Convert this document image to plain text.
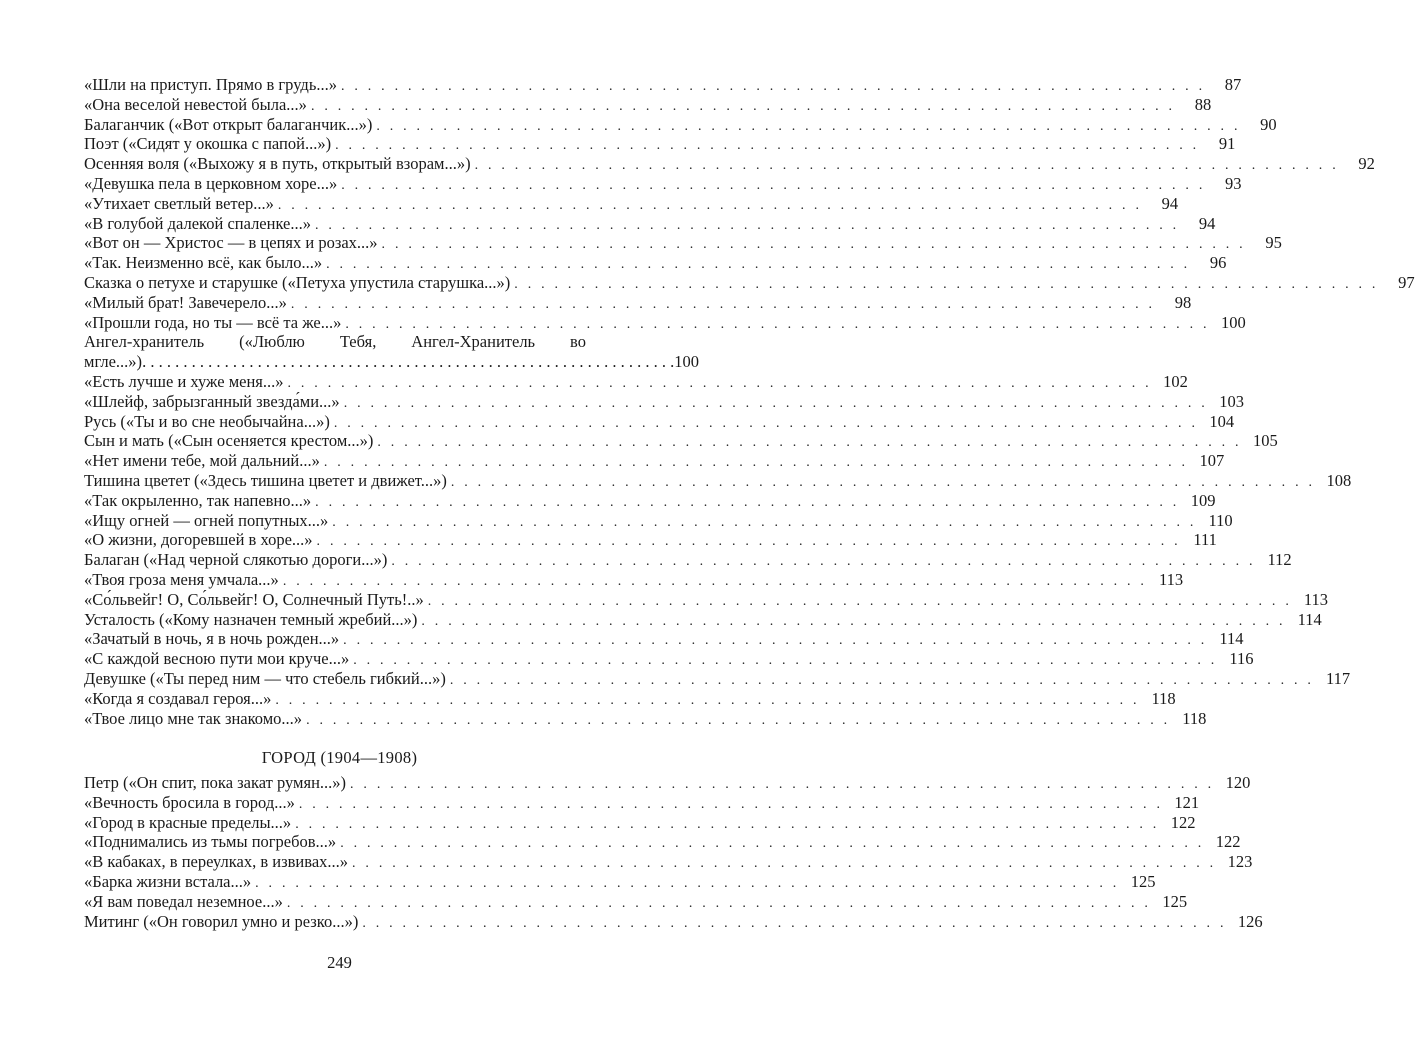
«Шли на приступ. Прямо в грудь...» . . . . . . . . . . . . . . . . . . . . . . . . . . . . . . . . . . . . . . . . . . . . . . . . . . . . . . . . . . . . . . . . .	87
«Она веселой невестой была...» . . . . . . . . . . . . . . . . . . . . . . . . . . . . . . . . . . . . . . . . . . . . . . . . . . . . . . . . . . . . . . . . .	88
Балаганчик («Вот открыт балаганчик...») . . . . . . . . . . . . . . . . . . . . . . . . . . . . . . . . . . . . . . . . . . . . . . . . . . . . . . . . . . . . . . . . .	90
Поэт («Сидят у окошка с папой...») . . . . . . . . . . . . . . . . . . . . . . . . . . . . . . . . . . . . . . . . . . . . . . . . . . . . . . . . . . . . . . . . .	91
Осенняя воля («Выхожу я в путь, открытый взорам...») . . . . . . . . . . . . . . . . . . . . . . . . . . . . . . . . . . . . . . . . . . . . . . . . . . . . . . . . . . . . . . . . .	92
«Девушка пела в церковном хоре...» . . . . . . . . . . . . . . . . . . . . . . . . . . . . . . . . . . . . . . . . . . . . . . . . . . . . . . . . . . . . . . . . .	93
«Утихает светлый ветер...» . . . . . . . . . . . . . . . . . . . . . . . . . . . . . . . . . . . . . . . . . . . . . . . . . . . . . . . . . . . . . . . . .	94
«В голубой далекой спаленке...» . . . . . . . . . . . . . . . . . . . . . . . . . . . . . . . . . . . . . . . . . . . . . . . . . . . . . . . . . . . . . . . . .	94
«Вот он — Христос — в цепях и розах...» . . . . . . . . . . . . . . . . . . . . . . . . . . . . . . . . . . . . . . . . . . . . . . . . . . . . . . . . . . . . . . . . .	95
«Так. Неизменно всё, как было...» . . . . . . . . . . . . . . . . . . . . . . . . . . . . . . . . . . . . . . . . . . . . . . . . . . . . . . . . . . . . . . . . .	96
Сказка о петухе и старушке («Петуха упустила старушка...») . . . . . . . . . . . . . . . . . . . . . . . . . . . . . . . . . . . . . . . . . . . . . . . . . . . . . . . . . . . . . . . . .	97
«Милый брат! Завечерело...» . . . . . . . . . . . . . . . . . . . . . . . . . . . . . . . . . . . . . . . . . . . . . . . . . . . . . . . . . . . . . . . . .	98
«Прошли года, но ты — всё та же...» . . . . . . . . . . . . . . . . . . . . . . . . . . . . . . . . . . . . . . . . . . . . . . . . . . . . . . . . . . . . . . . . . 100
Ангел-хранитель («Люблю Тебя, Ангел-Хранитель во
мгле...») . . . . . . . . . . . . . . . . . . . . . . . . . . . . . . . . . . . . . . . . . . . . . . . . . . . . . . . . . . . . . . . . . 100
«Есть лучше и хуже меня...» . . . . . . . . . . . . . . . . . . . . . . . . . . . . . . . . . . . . . . . . . . . . . . . . . . . . . . . . . . . . . . . . . 102
«Шлейф, забрызганный звезда́ми...» . . . . . . . . . . . . . . . . . . . . . . . . . . . . . . . . . . . . . . . . . . . . . . . . . . . . . . . . . . . . . . . . . 103
Русь («Ты и во сне необычайна...») . . . . . . . . . . . . . . . . . . . . . . . . . . . . . . . . . . . . . . . . . . . . . . . . . . . . . . . . . . . . . . . . . 104
Сын и мать («Сын осеняется крестом...») . . . . . . . . . . . . . . . . . . . . . . . . . . . . . . . . . . . . . . . . . . . . . . . . . . . . . . . . . . . . . . . . . 105
«Нет имени тебе, мой дальний...» . . . . . . . . . . . . . . . . . . . . . . . . . . . . . . . . . . . . . . . . . . . . . . . . . . . . . . . . . . . . . . . . . 107
Тишина цветет («Здесь тишина цветет и движет...») . . . . . . . . . . . . . . . . . . . . . . . . . . . . . . . . . . . . . . . . . . . . . . . . . . . . . . . . . . . . . . . . . 108
«Так окрыленно, так напевно...» . . . . . . . . . . . . . . . . . . . . . . . . . . . . . . . . . . . . . . . . . . . . . . . . . . . . . . . . . . . . . . . . . 109
«Ищу огней — огней попутных...» . . . . . . . . . . . . . . . . . . . . . . . . . . . . . . . . . . . . . . . . . . . . . . . . . . . . . . . . . . . . . . . . . 110
«О жизни, догоревшей в хоре...» . . . . . . . . . . . . . . . . . . . . . . . . . . . . . . . . . . . . . . . . . . . . . . . . . . . . . . . . . . . . . . . . . 111
Балаган («Над черной слякотью дороги...») . . . . . . . . . . . . . . . . . . . . . . . . . . . . . . . . . . . . . . . . . . . . . . . . . . . . . . . . . . . . . . . . . 112
«Твоя гроза меня умчала...» . . . . . . . . . . . . . . . . . . . . . . . . . . . . . . . . . . . . . . . . . . . . . . . . . . . . . . . . . . . . . . . . . 113
«Со́львейг! О, Со́львейг! О, Солнечный Путь!..» . . . . . . . . . . . . . . . . . . . . . . . . . . . . . . . . . . . . . . . . . . . . . . . . . . . . . . . . . . . . . . . . . 113
Усталость («Кому назначен темный жребий...») . . . . . . . . . . . . . . . . . . . . . . . . . . . . . . . . . . . . . . . . . . . . . . . . . . . . . . . . . . . . . . . . . 114
«Зачатый в ночь, я в ночь рожден...» . . . . . . . . . . . . . . . . . . . . . . . . . . . . . . . . . . . . . . . . . . . . . . . . . . . . . . . . . . . . . . . . . 114
«С каждой весною пути мои круче...» . . . . . . . . . . . . . . . . . . . . . . . . . . . . . . . . . . . . . . . . . . . . . . . . . . . . . . . . . . . . . . . . . 116
Девушке («Ты перед ним — что стебель гибкий...») . . . . . . . . . . . . . . . . . . . . . . . . . . . . . . . . . . . . . . . . . . . . . . . . . . . . . . . . . . . . . . . . . 117
«Когда я создавал героя...» . . . . . . . . . . . . . . . . . . . . . . . . . . . . . . . . . . . . . . . . . . . . . . . . . . . . . . . . . . . . . . . . . 118
«Твое лицо мне так знакомо...» . . . . . . . . . . . . . . . . . . . . . . . . . . . . . . . . . . . . . . . . . . . . . . . . . . . . . . . . . . . . . . . . . 118
ГОРОД (1904—1908)
Петр («Он спит, пока закат румян...») . . . . . . . . . . . . . . . . . . . . . . . . . . . . . . . . . . . . . . . . . . . . . . . . . . . . . . . . . . . . . . . . . 120
«Вечность бросила в город...» . . . . . . . . . . . . . . . . . . . . . . . . . . . . . . . . . . . . . . . . . . . . . . . . . . . . . . . . . . . . . . . . . 121
«Город в красные пределы...» . . . . . . . . . . . . . . . . . . . . . . . . . . . . . . . . . . . . . . . . . . . . . . . . . . . . . . . . . . . . . . . . . 122
«Поднимались из тьмы погребов...» . . . . . . . . . . . . . . . . . . . . . . . . . . . . . . . . . . . . . . . . . . . . . . . . . . . . . . . . . . . . . . . . . 122
«В кабаках, в переулках, в извивах...» . . . . . . . . . . . . . . . . . . . . . . . . . . . . . . . . . . . . . . . . . . . . . . . . . . . . . . . . . . . . . . . . . 123
«Барка жизни встала...» . . . . . . . . . . . . . . . . . . . . . . . . . . . . . . . . . . . . . . . . . . . . . . . . . . . . . . . . . . . . . . . . . 125
«Я вам поведал неземное...» . . . . . . . . . . . . . . . . . . . . . . . . . . . . . . . . . . . . . . . . . . . . . . . . . . . . . . . . . . . . . . . . . 125
Митинг («Он говорил умно и резко...») . . . . . . . . . . . . . . . . . . . . . . . . . . . . . . . . . . . . . . . . . . . . . . . . . . . . . . . . . . . . . . . . . 126
249
